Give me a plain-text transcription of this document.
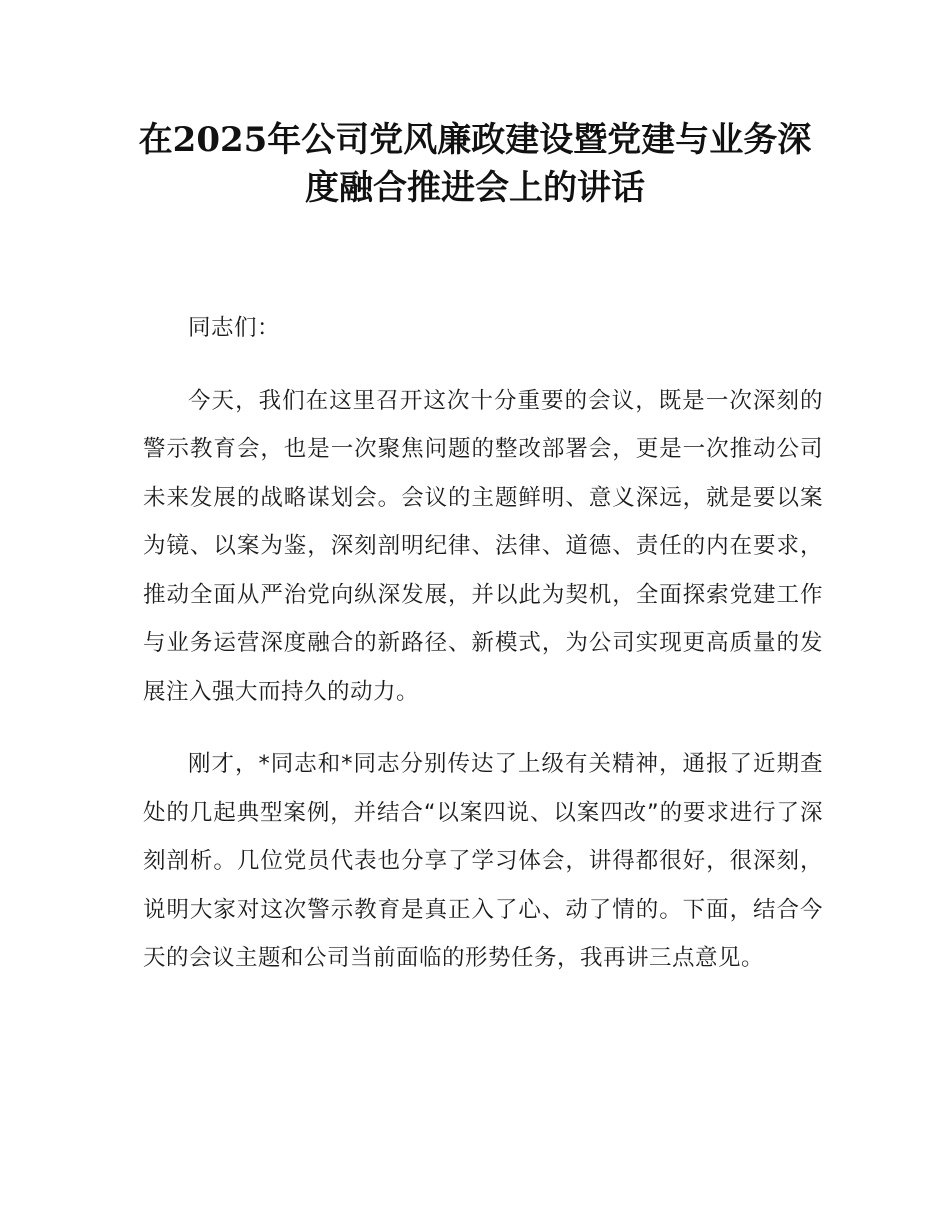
在2025年公司党风廉政建设暨党建与业务深
度融合推进会上的讲话

同志们：

今天，我们在这里召开这次十分重要的会议，既是一次深刻的警示教育会，也是一次聚焦问题的整改部署会，更是一次推动公司未来发展的战略谋划会。会议的主题鲜明、意义深远，就是要以案为镜、以案为鉴，深刻剖明纪律、法律、道德、责任的内在要求，推动全面从严治党向纵深发展，并以此为契机，全面探索党建工作与业务运营深度融合的新路径、新模式，为公司实现更高质量的发展注入强大而持久的动力。

刚才，*同志和*同志分别传达了上级有关精神，通报了近期查处的几起典型案例，并结合“以案四说、以案四改”的要求进行了深刻剖析。几位党员代表也分享了学习体会，讲得都很好，很深刻，说明大家对这次警示教育是真正入了心、动了情的。下面，结合今天的会议主题和公司当前面临的形势任务，我再讲三点意见。
